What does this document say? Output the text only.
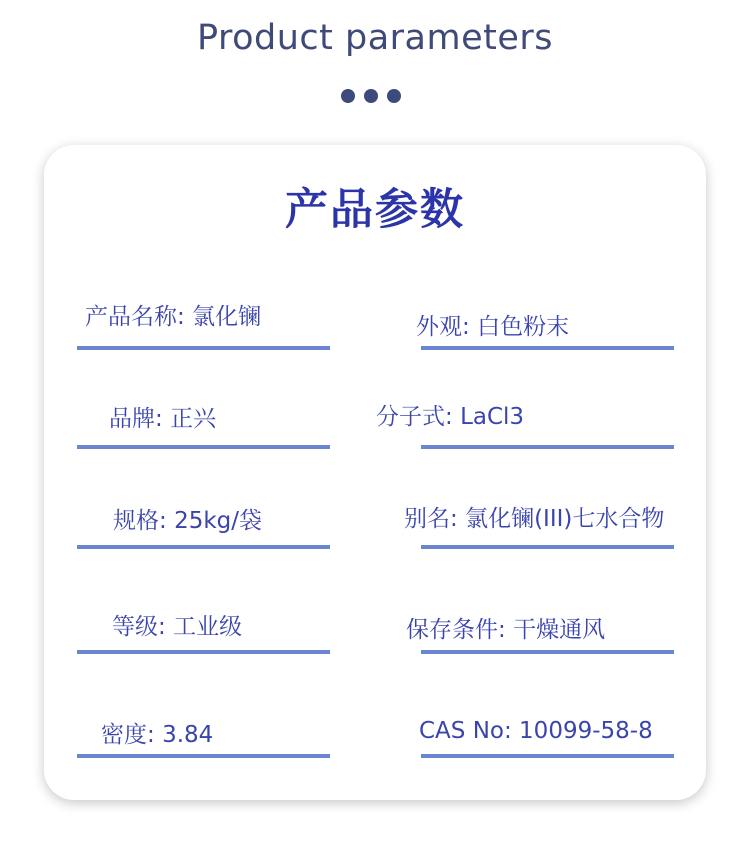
Product parameters
产品参数
产品名称: 氯化镧	外观: 白色粉末
品牌: 正兴	分子式: LaCl3
规格: 25kg/袋	别名: 氯化镧(III)七水合物
等级: 工业级	保存条件: 干燥通风
密度: 3.84	CAS No: 10099-58-8
